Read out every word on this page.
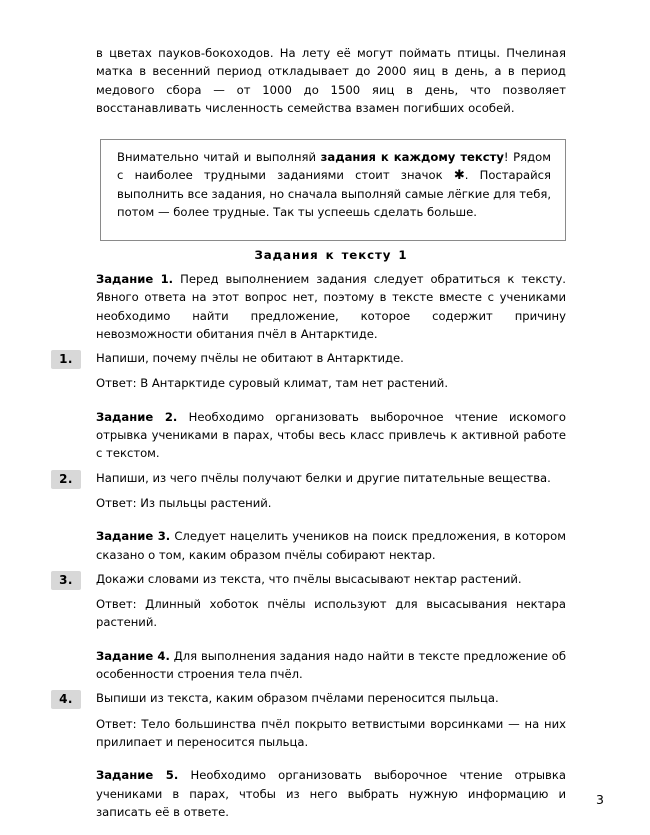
в цветах пауков-бокоходов. На лету её могут поймать птицы. Пчелиная матка в весенний период откладывает до 2000 яиц в день, а в период медового сбора — от 1000 до 1500 яиц в день, что позволяет восстанавливать численность семейства взамен погибших особей.

Внимательно читай и выполняй задания к каждому тексту! Рядом с наиболее трудными заданиями стоит значок ✱. Постарайся выполнить все задания, но сначала выполняй самые лёгкие для тебя, потом — более трудные. Так ты успеешь сделать больше.

Задания к тексту 1

Задание 1. Перед выполнением задания следует обратиться к тексту. Явного ответа на этот вопрос нет, поэтому в тексте вместе с учениками необходимо найти предложение, которое содержит причину невозможности обитания пчёл в Антарктиде.

1.	Напиши, почему пчёлы не обитают в Антарктиде.

Ответ: В Антарктиде суровый климат, там нет растений.

Задание 2. Необходимо организовать выборочное чтение искомого отрывка учениками в парах, чтобы весь класс привлечь к активной работе с текстом.

2.	Напиши, из чего пчёлы получают белки и другие питательные вещества.

Ответ: Из пыльцы растений.

Задание 3. Следует нацелить учеников на поиск предложения, в котором сказано о том, каким образом пчёлы собирают нектар.

3.	Докажи словами из текста, что пчёлы высасывают нектар растений.

Ответ: Длинный хоботок пчёлы используют для высасывания нектара растений.

Задание 4. Для выполнения задания надо найти в тексте предложение об особенности строения тела пчёл.

4.	Выпиши из текста, каким образом пчёлами переносится пыльца.

Ответ: Тело большинства пчёл покрыто ветвистыми ворсинками — на них прилипает и переносится пыльца.

Задание 5. Необходимо организовать выборочное чтение отрывка учениками в парах, чтобы из него выбрать нужную информацию и записать её в ответе.

3
